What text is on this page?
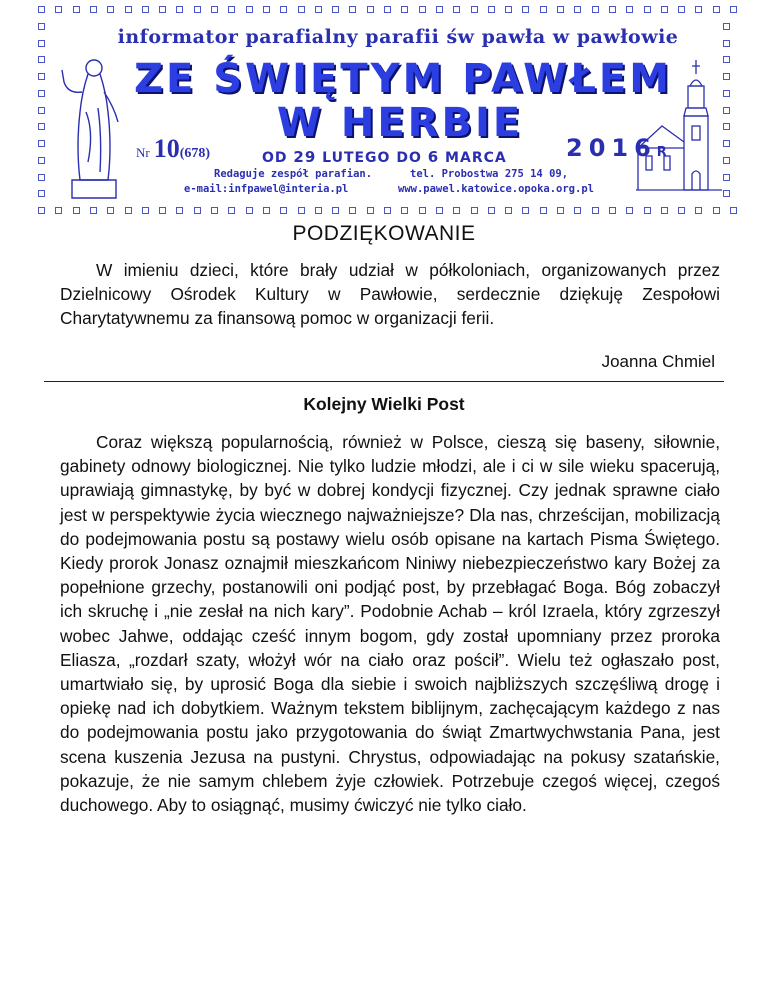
informator parafialny parafii św pawła w pawłowie
ZE ŚWIĘTYM PAWŁEM
W HERBIE
Nr 10(678)	OD 29 LUTEGO DO 6 MARCA 2016R
Redaguje zespół parafian.	tel. Probostwa 275 14 09,
e-mail:infpawel@interia.pl	www.pawel.katowice.opoka.org.pl
PODZIĘKOWANIE
W imieniu dzieci, które brały udział w półkoloniach, organizowanych przez Dzielnicowy Ośrodek Kultury w Pawłowie, serdecznie dziękuję Zespołowi Charytatywnemu za finansową pomoc w organizacji ferii.
Joanna Chmiel
Kolejny Wielki Post
Coraz większą popularnością, również w Polsce, cieszą się baseny, siłownie, gabinety odnowy biologicznej. Nie tylko ludzie młodzi, ale i ci w sile wieku spacerują, uprawiają gimnastykę, by być w dobrej kondycji fizycznej. Czy jednak sprawne ciało jest w perspektywie życia wiecznego najważniejsze? Dla nas, chrześcijan, mobilizacją do podejmowania postu są postawy wielu osób opisane na kartach Pisma Świętego. Kiedy prorok Jonasz oznajmił mieszkańcom Niniwy niebezpieczeństwo kary Bożej za popełnione grzechy, postanowili oni podjąć post, by przebłagać Boga. Bóg zobaczył ich skruchę i „nie zesłał na nich kary”. Podobnie Achab – król Izraela, który zgrzeszył wobec Jahwe, oddając cześć innym bogom, gdy został upomniany przez proroka Eliasza, „rozdarł szaty, włożył wór na ciało oraz pościł”. Wielu też ogłaszało post, umartwiało się, by uprosić Boga dla siebie i swoich najbliższych szczęśliwą drogę i opiekę nad ich dobytkiem. Ważnym tekstem biblijnym, zachęcającym każdego z nas do podejmowania postu jako przygotowania do świąt Zmartwychwstania Pana, jest scena kuszenia Jezusa na pustyni. Chrystus, odpowiadając na pokusy szatańskie, pokazuje, że nie samym chlebem żyje człowiek. Potrzebuje czegoś więcej, czegoś duchowego. Aby to osiągnąć, musimy ćwiczyć nie tylko ciało.
